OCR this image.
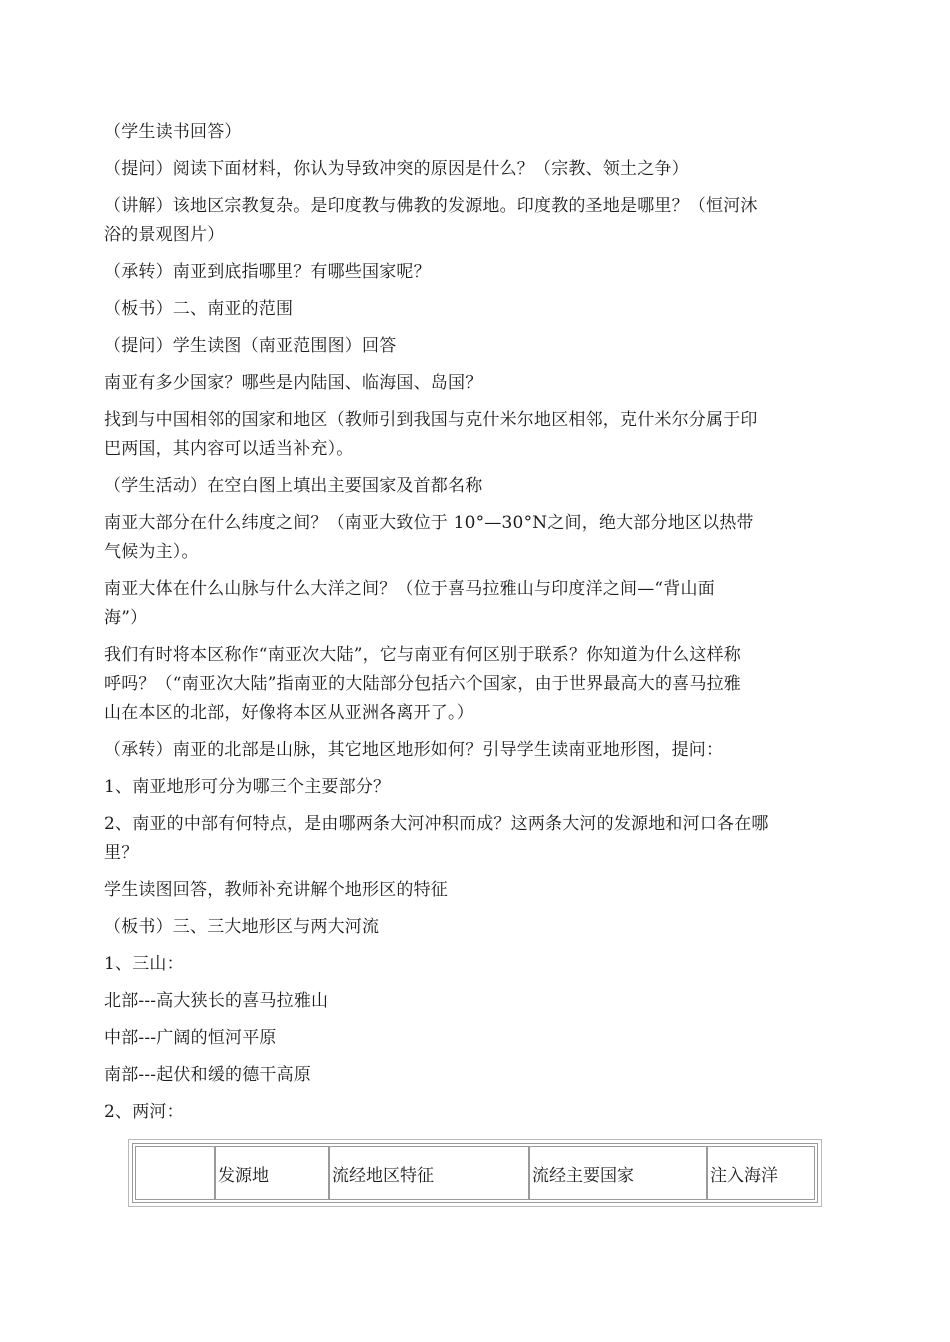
（学生读书回答）

（提问）阅读下面材料，你认为导致冲突的原因是什么？（宗教、领土之争）

（讲解）该地区宗教复杂。是印度教与佛教的发源地。印度教的圣地是哪里？（恒河沐
浴的景观图片）

（承转）南亚到底指哪里？有哪些国家呢？

（板书）二、南亚的范围

（提问）学生读图（南亚范围图）回答

南亚有多少国家？哪些是内陆国、临海国、岛国？

找到与中国相邻的国家和地区（教师引到我国与克什米尔地区相邻，克什米尔分属于印
巴两国，其内容可以适当补充）。

（学生活动）在空白图上填出主要国家及首都名称

南亚大部分在什么纬度之间？（南亚大致位于 10°—30°N之间，绝大部分地区以热带
气候为主）。

南亚大体在什么山脉与什么大洋之间？（位于喜马拉雅山与印度洋之间—“背山面
海”）

我们有时将本区称作“南亚次大陆”，它与南亚有何区别于联系？你知道为什么这样称
呼吗？（“南亚次大陆”指南亚的大陆部分包括六个国家，由于世界最高大的喜马拉雅
山在本区的北部，好像将本区从亚洲各离开了。）

（承转）南亚的北部是山脉，其它地区地形如何？引导学生读南亚地形图，提问：

1、南亚地形可分为哪三个主要部分？

2、南亚的中部有何特点，是由哪两条大河冲积而成？这两条大河的发源地和河口各在哪
里？

学生读图回答，教师补充讲解个地形区的特征

（板书）三、三大地形区与两大河流

1、三山：

北部---高大狭长的喜马拉雅山

中部---广阔的恒河平原

南部---起伏和缓的德干高原

2、两河：

	发源地	流经地区特征	流经主要国家	注入海洋
